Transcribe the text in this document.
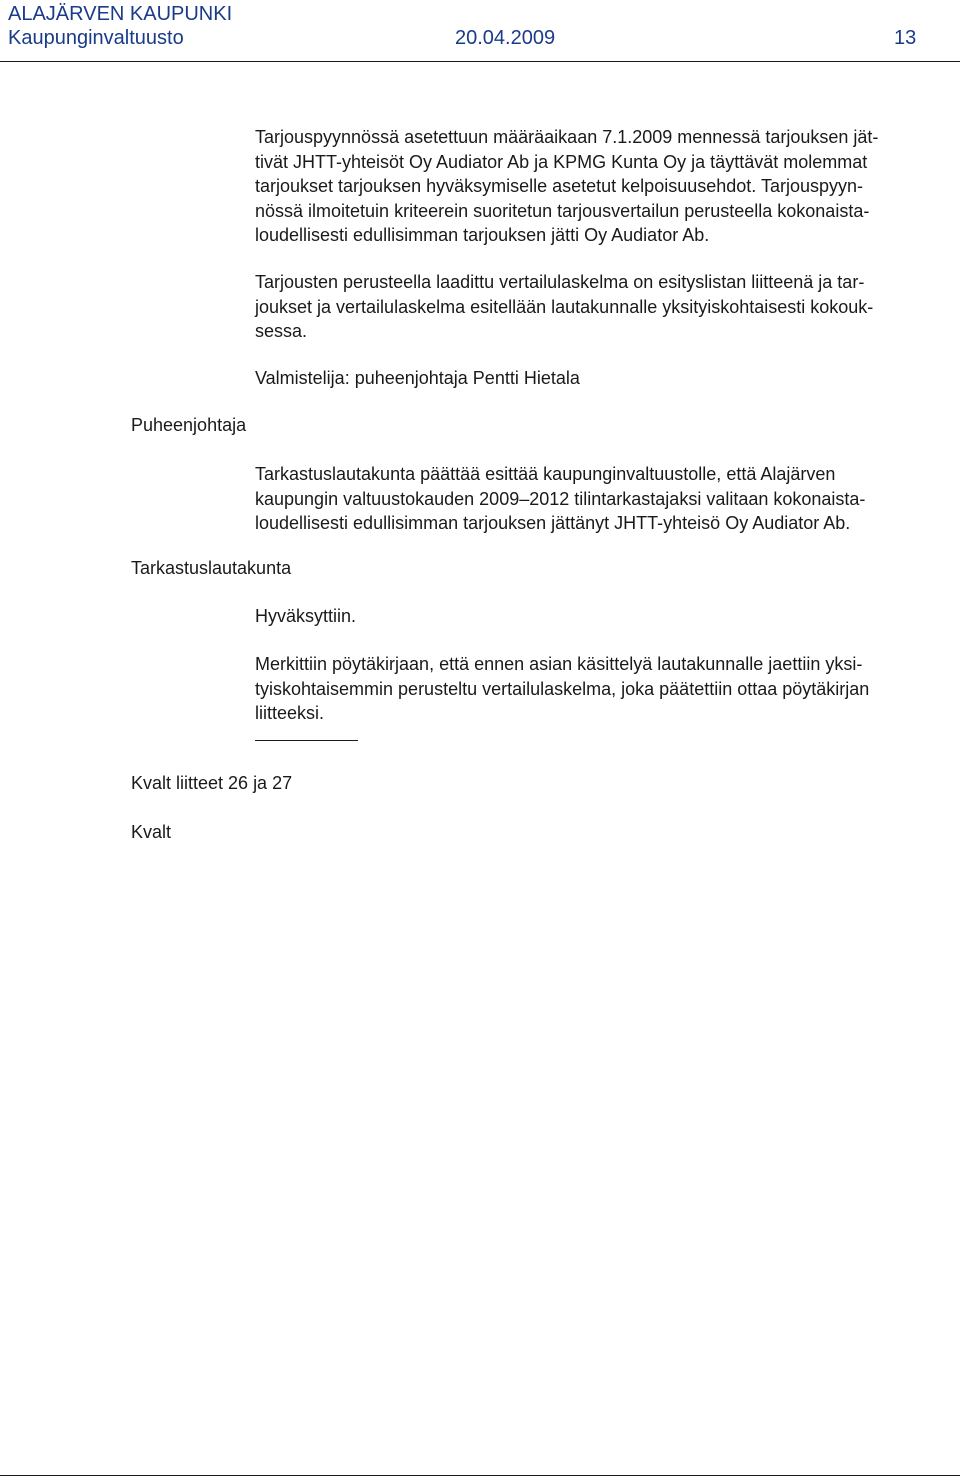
ALAJÄRVEN KAUPUNKI
Kaupunginvaltuusto	20.04.2009	13

Tarjouspyynnössä asetettuun määräaikaan 7.1.2009 mennessä tarjouksen jät-
tivät JHTT-yhteisöt Oy Audiator Ab ja KPMG Kunta Oy ja täyttävät molemmat
tarjoukset tarjouksen hyväksymiselle asetetut kelpoisuusehdot. Tarjouspyyn-
nössä ilmoitetuin kriteerein suoritetun tarjousvertailun perusteella kokonaista-
loudellisesti edullisimman tarjouksen jätti Oy Audiator Ab.

Tarjousten perusteella laadittu vertailulaskelma on esityslistan liitteenä ja tar-
joukset ja vertailulaskelma esitellään lautakunnalle yksityiskohtaisesti kokouk-
sessa.

Valmistelija: puheenjohtaja Pentti Hietala

Puheenjohtaja

Tarkastuslautakunta päättää esittää kaupunginvaltuustolle, että Alajärven
kaupungin valtuustokauden 2009–2012 tilintarkastajaksi valitaan kokonaista-
loudellisesti edullisimman tarjouksen jättänyt JHTT-yhteisö Oy Audiator Ab.

Tarkastuslautakunta

Hyväksyttiin.

Merkittiin pöytäkirjaan, että ennen asian käsittelyä lautakunnalle jaettiin yksi-
tyiskohtaisemmin perusteltu vertailulaskelma, joka päätettiin ottaa pöytäkirjan
liitteeksi.

Kvalt liitteet 26 ja 27
Kvalt
